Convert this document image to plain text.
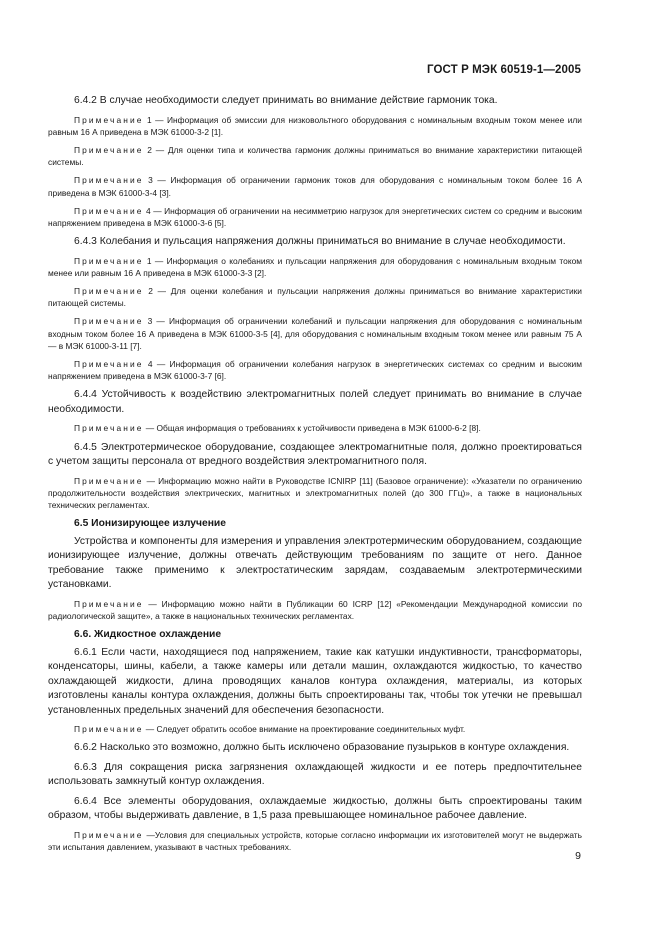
ГОСТ Р МЭК 60519-1—2005

6.4.2 В случае необходимости следует принимать во внимание действие гармоник тока.

Примечание 1 — Информация об эмиссии для низковольтного оборудования с номинальным входным током менее или равным 16 А приведена в МЭК 61000-3-2 [1].

Примечание 2 — Для оценки типа и количества гармоник должны приниматься во внимание характеристики питающей системы.

Примечание 3 — Информация об ограничении гармоник токов для оборудования с номинальным током более 16 А приведена в МЭК 61000-3-4 [3].

Примечание 4 — Информация об ограничении на несимметрию нагрузок для энергетических систем со средним и высоким напряжением приведена в МЭК 61000-3-6 [5].

6.4.3 Колебания и пульсация напряжения должны приниматься во внимание в случае необходимости.

Примечание 1 — Информация о колебаниях и пульсации напряжения для оборудования с номинальным входным током менее или равным 16 А приведена в МЭК 61000-3-3 [2].

Примечание 2 — Для оценки колебания и пульсации напряжения должны приниматься во внимание характеристики питающей системы.

Примечание 3 — Информация об ограничении колебаний и пульсации напряжения для оборудования с номинальным входным током более 16 А приведена в МЭК 61000-3-5 [4], для оборудования с номинальным входным током менее или равным 75 А — в МЭК 61000-3-11 [7].

Примечание 4 — Информация об ограничении колебания нагрузок в энергетических системах со средним и высоким напряжением приведена в МЭК 61000-3-7 [6].

6.4.4 Устойчивость к воздействию электромагнитных полей следует принимать во внимание в случае необходимости.

Примечание — Общая информация о требованиях к устойчивости приведена в МЭК 61000-6-2 [8].

6.4.5 Электротермическое оборудование, создающее электромагнитные поля, должно проектироваться с учетом защиты персонала от вредного воздействия электромагнитного поля.

Примечание — Информацию можно найти в Руководстве ICNIRP [11] (Базовое ограничение): «Указатели по ограничению продолжительности воздействия электрических, магнитных и электромагнитных полей (до 300 ГГц)», а также в национальных технических регламентах.

6.5 Ионизирующее излучение

Устройства и компоненты для измерения и управления электротермическим оборудованием, создающие ионизирующее излучение, должны отвечать действующим требованиям по защите от него. Данное требование также применимо к электростатическим зарядам, создаваемым электротермическими установками.

Примечание — Информацию можно найти в Публикации 60 ICRP [12] «Рекомендации Международной комиссии по радиологической защите», а также в национальных технических регламентах.

6.6. Жидкостное охлаждение

6.6.1 Если части, находящиеся под напряжением, такие как катушки индуктивности, трансформаторы, конденсаторы, шины, кабели, а также камеры или детали машин, охлаждаются жидкостью, то качество охлаждающей жидкости, длина проводящих каналов контура охлаждения, материалы, из которых изготовлены каналы контура охлаждения, должны быть спроектированы так, чтобы ток утечки не превышал установленных предельных значений для обеспечения безопасности.

Примечание — Следует обратить особое внимание на проектирование соединительных муфт.

6.6.2 Насколько это возможно, должно быть исключено образование пузырьков в контуре охлаждения.

6.6.3 Для сокращения риска загрязнения охлаждающей жидкости и ее потерь предпочтительнее использовать замкнутый контур охлаждения.

6.6.4 Все элементы оборудования, охлаждаемые жидкостью, должны быть спроектированы таким образом, чтобы выдерживать давление, в 1,5 раза превышающее номинальное рабочее давление.

Примечание —Условия для специальных устройств, которые согласно информации их изготовителей могут не выдержать эти испытания давлением, указывают в частных требованиях.

9
